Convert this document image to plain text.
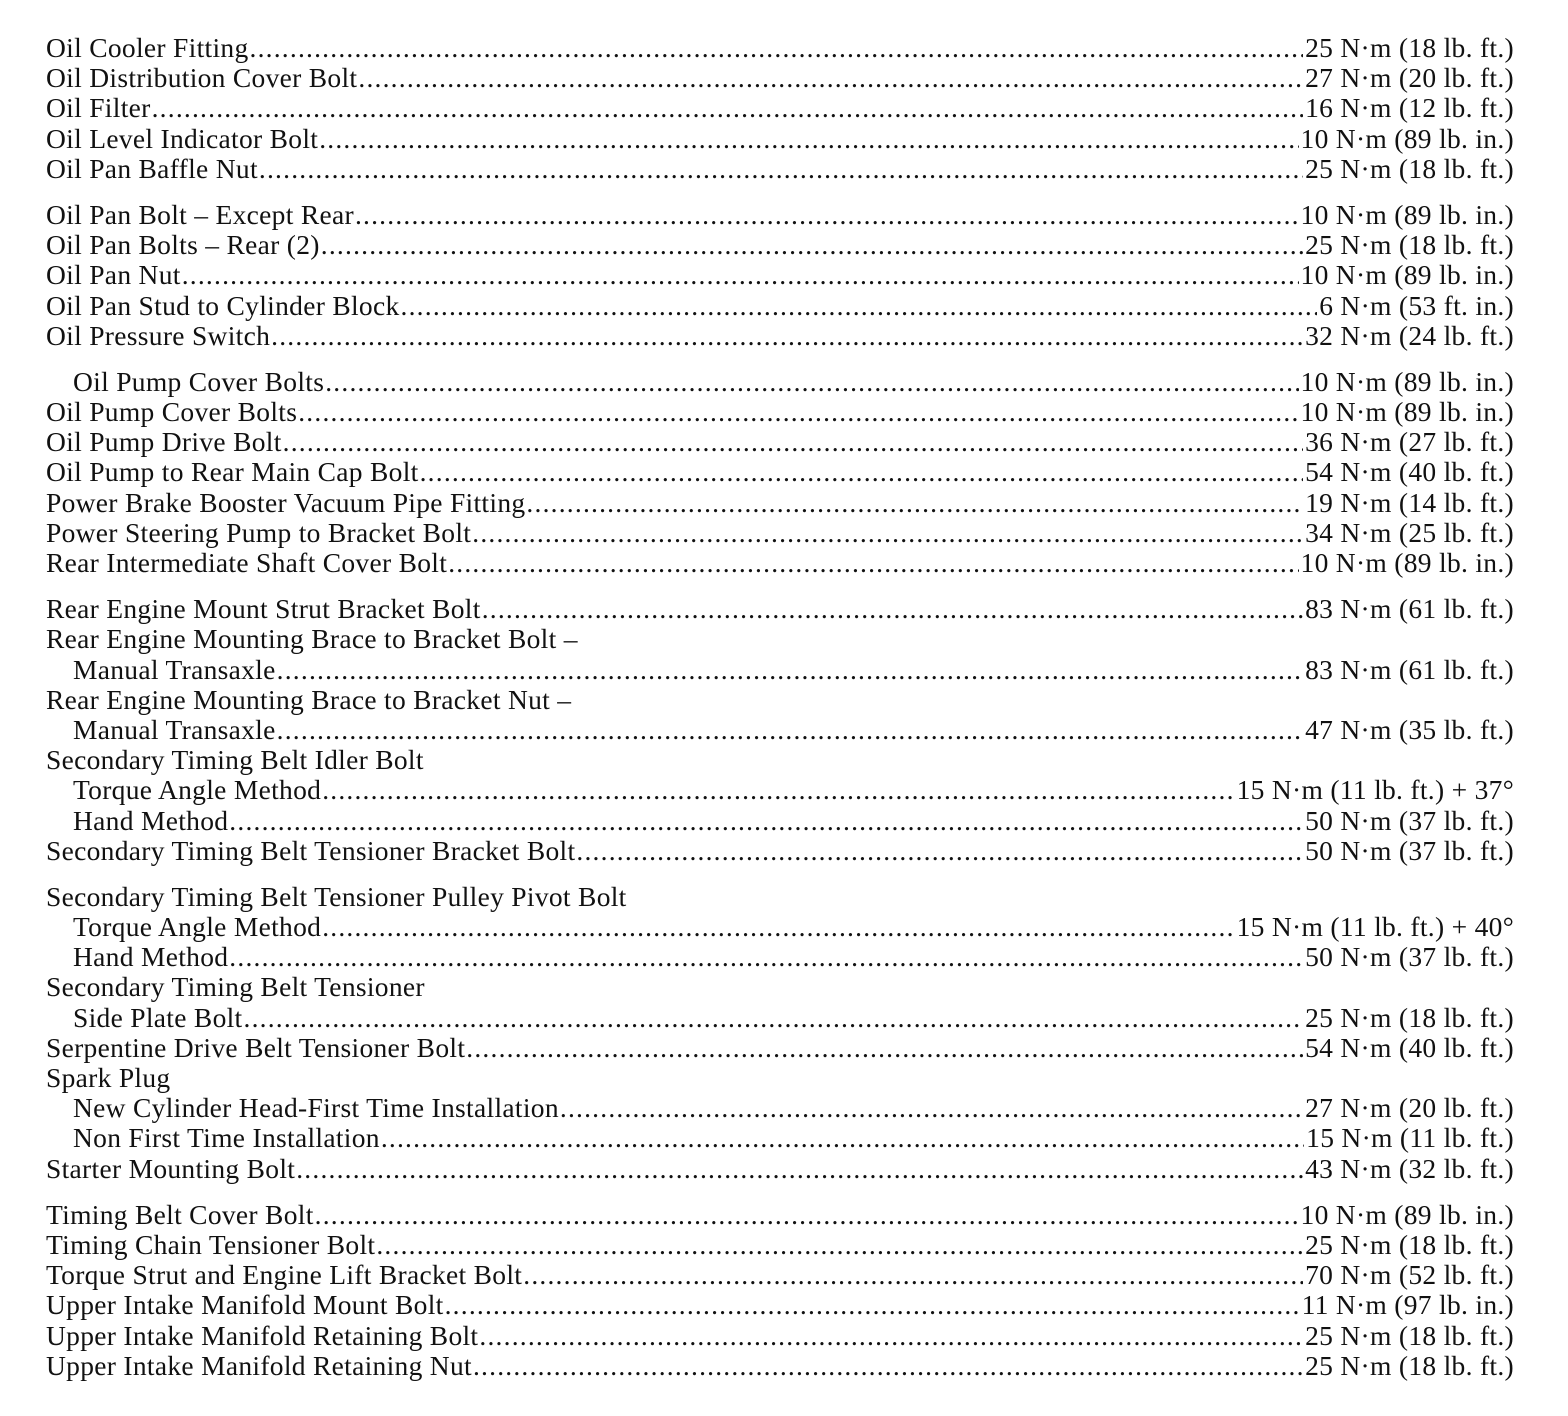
Oil Cooler Fitting .....	25 N·m (18 lb. ft.)
Oil Distribution Cover Bolt .....	27 N·m (20 lb. ft.)
Oil Filter .....	16 N·m (12 lb. ft.)
Oil Level Indicator Bolt .....	10 N·m (89 lb. in.)
Oil Pan Baffle Nut .....	25 N·m (18 lb. ft.)
Oil Pan Bolt – Except Rear .....	10 N·m (89 lb. in.)
Oil Pan Bolts – Rear (2) .....	25 N·m (18 lb. ft.)
Oil Pan Nut .....	10 N·m (89 lb. in.)
Oil Pan Stud to Cylinder Block .....	6 N·m (53 ft. in.)
Oil Pressure Switch .....	32 N·m (24 lb. ft.)
Oil Pump Cover Bolts .....	10 N·m (89 lb. in.)
Oil Pump Cover Bolts .....	10 N·m (89 lb. in.)
Oil Pump Drive Bolt .....	36 N·m (27 lb. ft.)
Oil Pump to Rear Main Cap Bolt .....	54 N·m (40 lb. ft.)
Power Brake Booster Vacuum Pipe Fitting .....	19 N·m (14 lb. ft.)
Power Steering Pump to Bracket Bolt .....	34 N·m (25 lb. ft.)
Rear Intermediate Shaft Cover Bolt .....	10 N·m (89 lb. in.)
Rear Engine Mount Strut Bracket Bolt .....	83 N·m (61 lb. ft.)
Rear Engine Mounting Brace to Bracket Bolt –
Manual Transaxle .....	83 N·m (61 lb. ft.)
Rear Engine Mounting Brace to Bracket Nut –
Manual Transaxle .....	47 N·m (35 lb. ft.)
Secondary Timing Belt Idler Bolt
Torque Angle Method .....	15 N·m (11 lb. ft.) + 37°
Hand Method .....	50 N·m (37 lb. ft.)
Secondary Timing Belt Tensioner Bracket Bolt .....	50 N·m (37 lb. ft.)
Secondary Timing Belt Tensioner Pulley Pivot Bolt
Torque Angle Method .....	15 N·m (11 lb. ft.) + 40°
Hand Method .....	50 N·m (37 lb. ft.)
Secondary Timing Belt Tensioner
Side Plate Bolt .....	25 N·m (18 lb. ft.)
Serpentine Drive Belt Tensioner Bolt .....	54 N·m (40 lb. ft.)
Spark Plug
New Cylinder Head-First Time Installation .....	27 N·m (20 lb. ft.)
Non First Time Installation .....	15 N·m (11 lb. ft.)
Starter Mounting Bolt .....	43 N·m (32 lb. ft.)
Timing Belt Cover Bolt .....	10 N·m (89 lb. in.)
Timing Chain Tensioner Bolt .....	25 N·m (18 lb. ft.)
Torque Strut and Engine Lift Bracket Bolt .....	70 N·m (52 lb. ft.)
Upper Intake Manifold Mount Bolt .....	11 N·m (97 lb. in.)
Upper Intake Manifold Retaining Bolt .....	25 N·m (18 lb. ft.)
Upper Intake Manifold Retaining Nut .....	25 N·m (18 lb. ft.)
